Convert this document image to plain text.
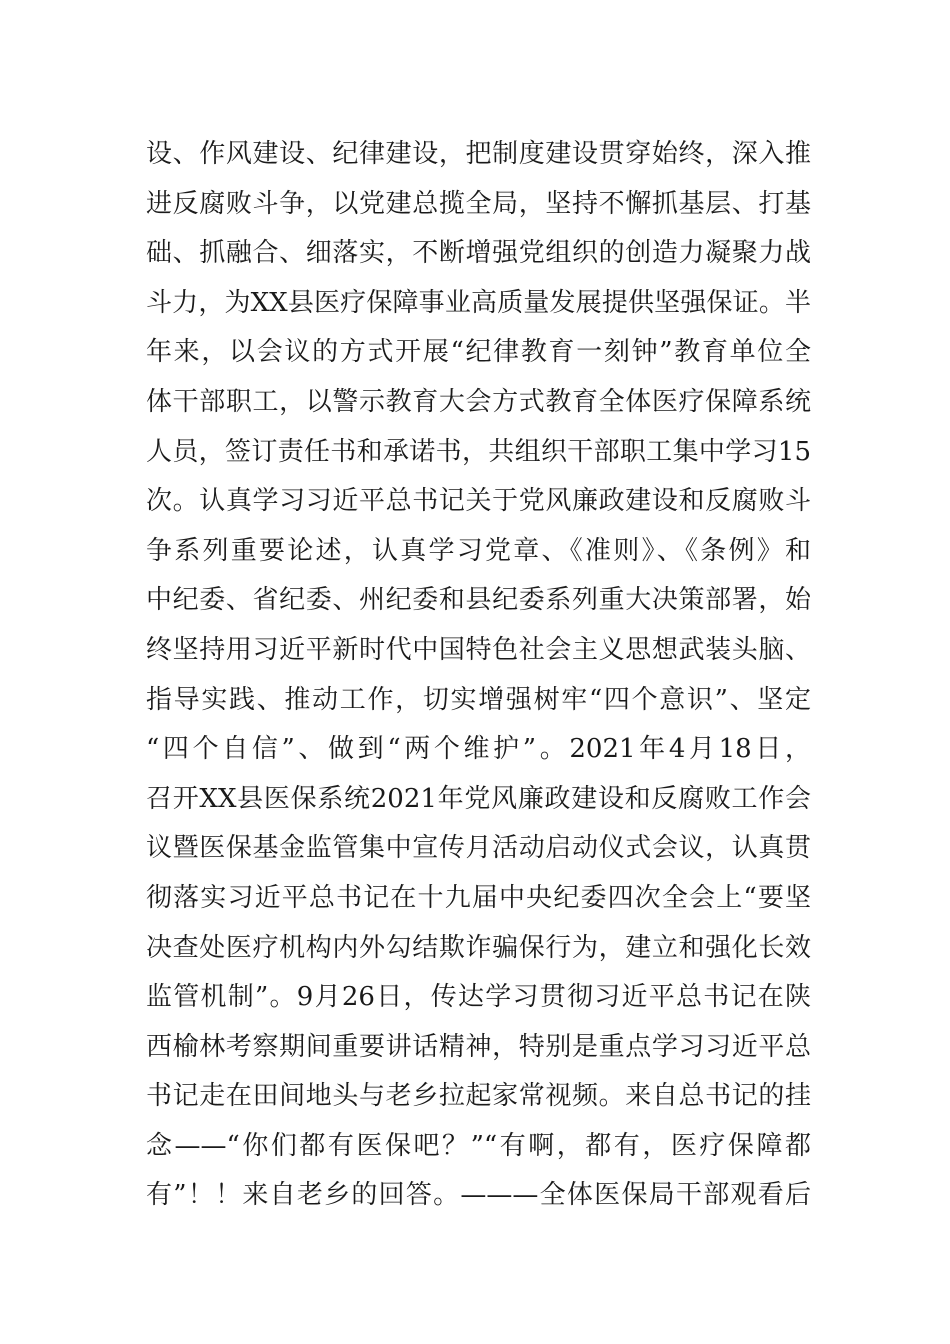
设、作风建设、纪律建设，把制度建设贯穿始终，深入推
进反腐败斗争，以党建总揽全局，坚持不懈抓基层、打基
础、抓融合、细落实，不断增强党组织的创造力凝聚力战
斗力，为XX县医疗保障事业高质量发展提供坚强保证。半
年来，以会议的方式开展“纪律教育一刻钟”教育单位全
体干部职工，以警示教育大会方式教育全体医疗保障系统
人员，签订责任书和承诺书，共组织干部职工集中学习15
次。认真学习习近平总书记关于党风廉政建设和反腐败斗
争系列重要论述，认真学习党章、《准则》、《条例》和
中纪委、省纪委、州纪委和县纪委系列重大决策部署，始
终坚持用习近平新时代中国特色社会主义思想武装头脑、
指导实践、推动工作，切实增强树牢“四个意识”、坚定
“四个自信”、做到“两个维护”。2021年4月18日，
召开XX县医保系统2021年党风廉政建设和反腐败工作会
议暨医保基金监管集中宣传月活动启动仪式会议，认真贯
彻落实习近平总书记在十九届中央纪委四次全会上“要坚
决查处医疗机构内外勾结欺诈骗保行为，建立和强化长效
监管机制”。9月26日，传达学习贯彻习近平总书记在陕
西榆林考察期间重要讲话精神，特别是重点学习习近平总
书记走在田间地头与老乡拉起家常视频。来自总书记的挂
念——“你们都有医保吧？”“有啊，都有，医疗保障都
有”！！来自老乡的回答。———全体医保局干部观看后
